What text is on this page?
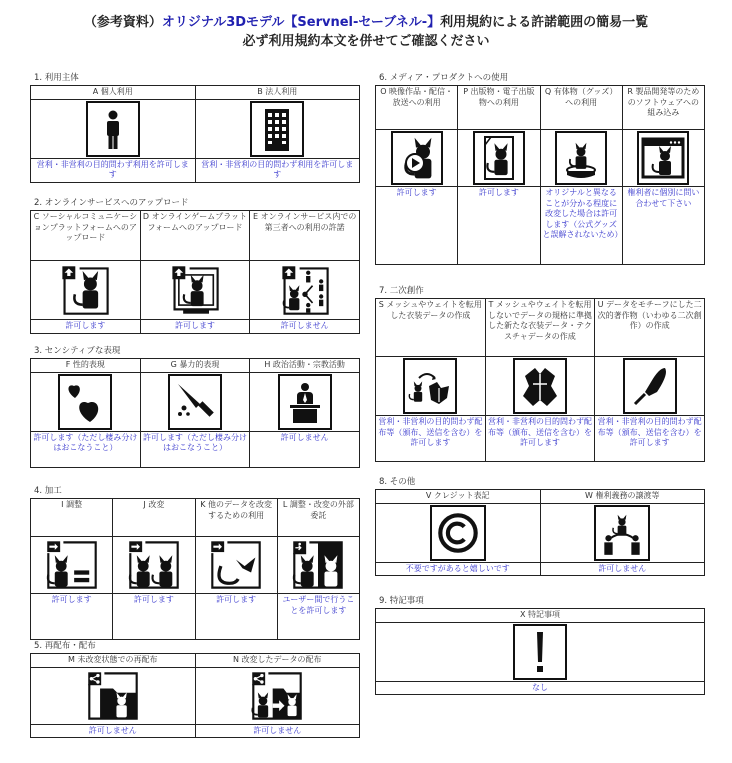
（参考資料）オリジナル3Dモデル【Servnel-セーブネル-】利用規約による許諾範囲の簡易一覧
必ず利用規約本文を併せてご確認ください
1. 利用主体
A 個人利用	B 法人利用

営利・非営利の目的問わず利用を許可します	営利・非営利の目的問わず利用を許可します
2. オンラインサービスへのアップロード
C ソーシャルコミュニケーションプラットフォームへのアップロード	D オンラインゲームプラットフォームへのアップロード	E オンラインサービス内での第三者への利用の許諾

許可します	許可します	許可しません
3. センシティブな表現
F 性的表現	G 暴力的表現	H 政治活動・宗教活動

許可します（ただし棲み分けはおこなうこと）	許可します（ただし棲み分けはおこなうこと）	許可しません
4. 加工
I 調整	J 改変	K 他のデータを改変するための利用	L 調整・改変の外部委託

許可します	許可します	許可します	ユーザー間で行うことを許可します
5. 再配布・配布
M 未改変状態での再配布	N 改変したデータの配布

許可しません	許可しません
6. メディア・プロダクトへの使用
O 映像作品・配信・放送への利用	P 出版物・電子出版物への利用	Q 有体物（グッズ）への利用	R 製品開発等のためのソフトウェアへの組み込み

許可します	許可します	オリジナルと異なることが分かる程度に改変した場合は許可します（公式グッズと誤解されないため）	権利者に個別に問い合わせて下さい
7. 二次創作
S メッシュやウェイトを転用した衣装データの作成	T メッシュやウェイトを転用しないでデータの規格に準拠した新たな衣装データ・テクスチャデータの作成	U データをモチーフにした二次的著作物（いわゆる二次創作）の作成

営利・非営利の目的問わず配布等（頒布、送信を含む）を許可します	営利・非営利の目的問わず配布等（頒布、送信を含む）を許可します	営利・非営利の目的問わず配布等（頒布、送信を含む）を許可します
8. その他
V クレジット表記	W 権利義務の譲渡等

不要ですがあると嬉しいです	許可しません
9. 特記事項
X 特記事項

なし
